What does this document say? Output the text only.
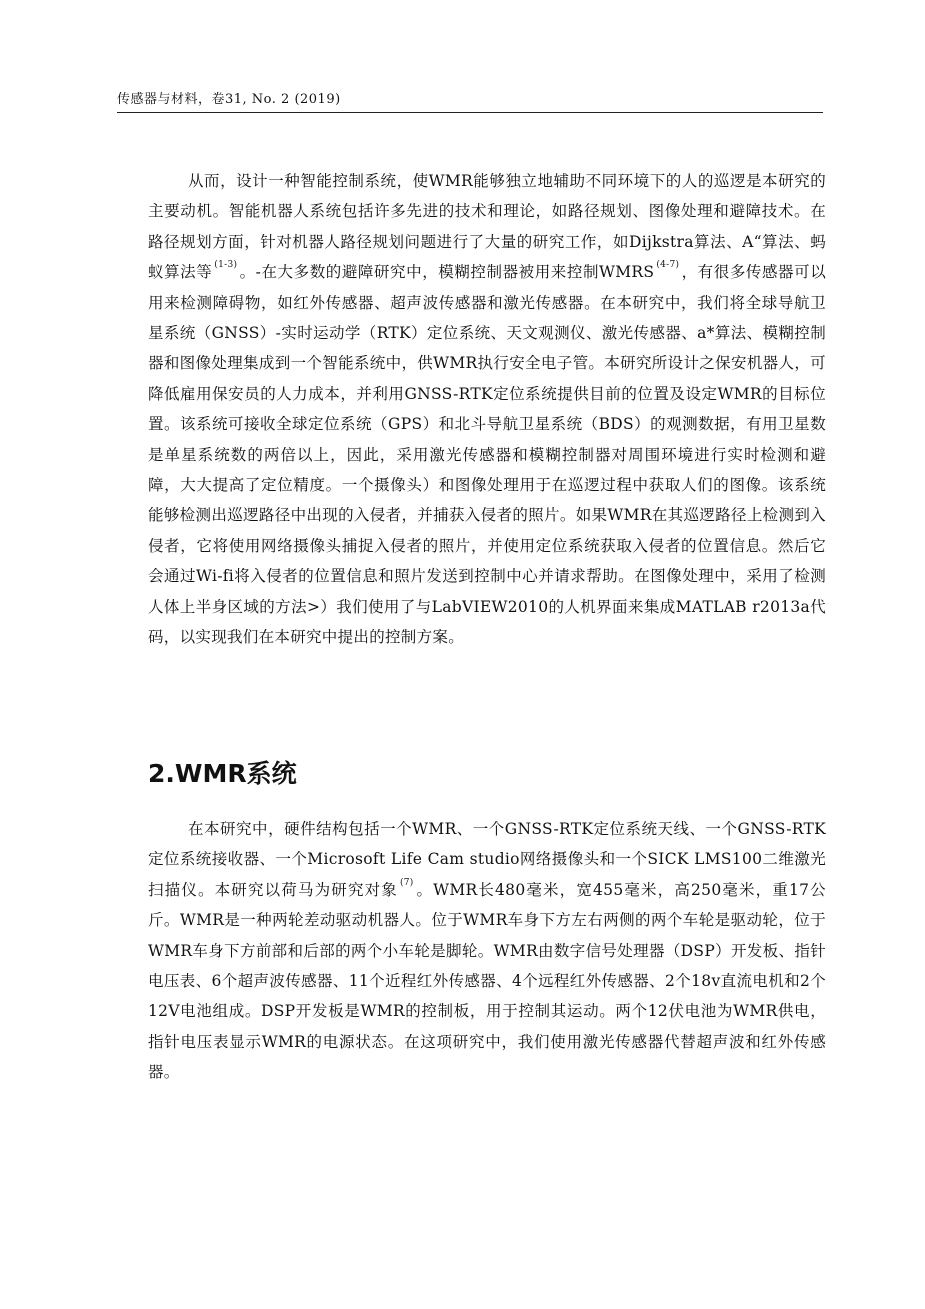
传感器与材料，卷31, No. 2 (2019)

从而，设计一种智能控制系统，使WMR能够独立地辅助不同环境下的人的巡逻是本研究的主要动机。智能机器人系统包括许多先进的技术和理论，如路径规划、图像处理和避障技术。在路径规划方面，针对机器人路径规划问题进行了大量的研究工作，如Dijkstra算法、A“算法、蚂蚁算法等 $^{(1-3)}$ 。-在大多数的避障研究中，模糊控制器被用来控制WMRS $^{(4-7)}$ ，有很多传感器可以用来检测障碍物，如红外传感器、超声波传感器和激光传感器。在本研究中，我们将全球导航卫星系统（GNSS）-实时运动学（RTK）定位系统、天文观测仪、激光传感器、a*算法、模糊控制器和图像处理集成到一个智能系统中，供WMR执行安全电子管。本研究所设计之保安机器人，可降低雇用保安员的人力成本，并利用GNSS-RTK定位系统提供目前的位置及设定WMR的目标位置。该系统可接收全球定位系统（GPS）和北斗导航卫星系统（BDS）的观测数据，有用卫星数是单星系统数的两倍以上，因此，采用激光传感器和模糊控制器对周围环境进行实时检测和避障，大大提高了定位精度。一个摄像头）和图像处理用于在巡逻过程中获取人们的图像。该系统能够检测出巡逻路径中出现的入侵者，并捕获入侵者的照片。如果WMR在其巡逻路径上检测到入侵者，它将使用网络摄像头捕捉入侵者的照片，并使用定位系统获取入侵者的位置信息。然后它会通过Wi-fi将入侵者的位置信息和照片发送到控制中心并请求帮助。在图像处理中，采用了检测人体上半身区域的方法>）我们使用了与LabVIEW2010的人机界面来集成MATLAB r2013a代码，以实现我们在本研究中提出的控制方案。

2.WMR系统

在本研究中，硬件结构包括一个WMR、一个GNSS-RTK定位系统天线、一个GNSS-RTK定位系统接收器、一个Microsoft Life Cam studio网络摄像头和一个SICK LMS100二维激光扫描仪。本研究以荷马为研究对象 $^{(7)}$ 。WMR长480毫米，宽455毫米，高250毫米，重17公斤。WMR是一种两轮差动驱动机器人。位于WMR车身下方左右两侧的两个车轮是驱动轮，位于WMR车身下方前部和后部的两个小车轮是脚轮。WMR由数字信号处理器（DSP）开发板、指针电压表、6个超声波传感器、11个近程红外传感器、4个远程红外传感器、2个18v直流电机和2个12V电池组成。DSP开发板是WMR的控制板，用于控制其运动。两个12伏电池为WMR供电，指针电压表显示WMR的电源状态。在这项研究中，我们使用激光传感器代替超声波和红外传感器。
